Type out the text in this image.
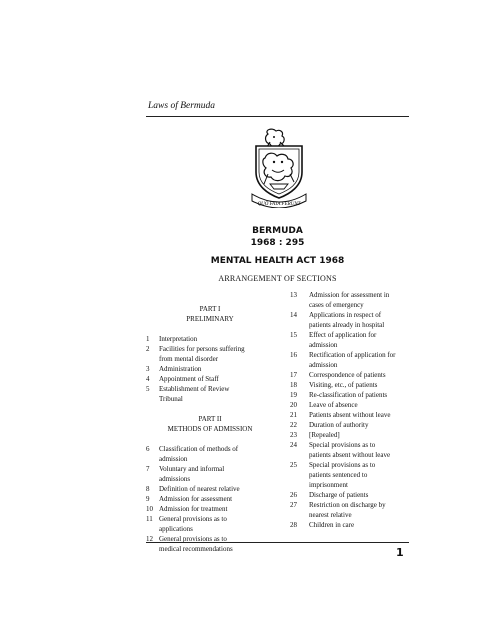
Laws of Bermuda
QUO FATA FERUNT
BERMUDA
1968 : 295
MENTAL HEALTH ACT 1968
ARRANGEMENT OF SECTIONS
PART I
PRELIMINARY
1	Interpretation
2	Facilities for persons suffering
from mental disorder
3	Administration
4	Appointment of Staff
5	Establishment of Review
Tribunal
PART II
METHODS OF ADMISSION
6	Classification of methods of
admission
7	Voluntary and informal
admissions
8	Definition of nearest relative
9	Admission for assessment
10 Admission for treatment
11 General provisions as to
applications
12 General provisions as to
medical recommendations
13	Admission for assessment in
cases of emergency
14	Applications in respect of
patients already in hospital
15	Effect of application for
admission
16	Rectification of application for
admission
17	Correspondence of patients
18	Visiting, etc., of patients
19	Re-classification of patients
20	Leave of absence
21	Patients absent without leave
22	Duration of authority
23	[Repealed]
24	Special provisions as to
patients absent without leave
25	Special provisions as to
patients sentenced to
imprisonment
26	Discharge of patients
27	Restriction on discharge by
nearest relative
28	Children in care
1
